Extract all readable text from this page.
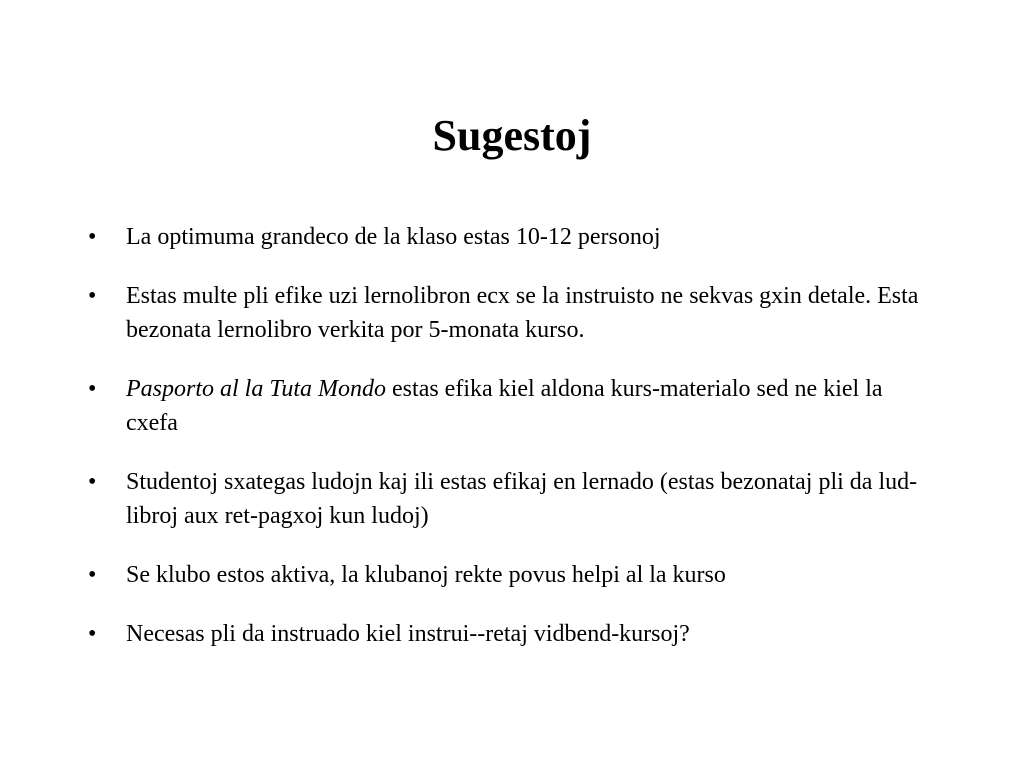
Sugestoj
•	La optimuma grandeco de la klaso estas 10-12 personoj
•	Estas multe pli efike uzi lernolibron ecx se la instruisto ne sekvas gxin detale. Esta bezonata lernolibro verkita por 5-monata kurso.
•	Pasporto al la Tuta Mondo estas efika kiel aldona kurs-materialo sed ne kiel la cxefa
•	Studentoj sxategas ludojn kaj ili estas efikaj en lernado (estas bezonataj pli da lud-libroj aux ret-pagxoj kun ludoj)
•	Se klubo estos aktiva, la klubanoj rekte povus helpi al la kurso
•	Necesas pli da instruado kiel instrui--retaj vidbend-kursoj?
